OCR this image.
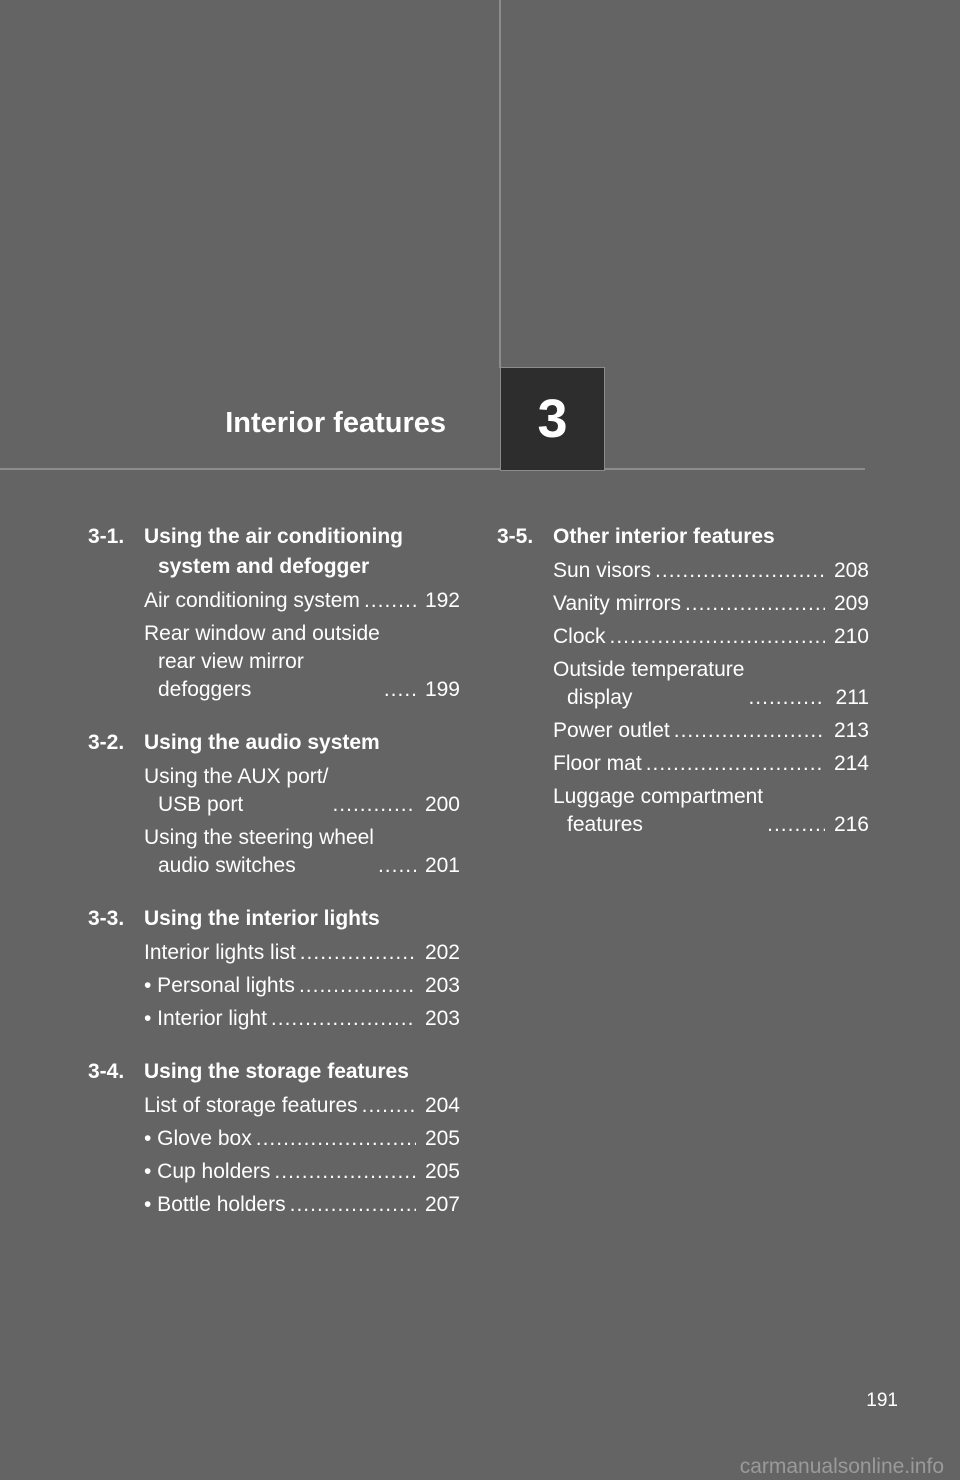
Interior features	3
3-1. Using the air conditioning
system and defogger
Air conditioning system .....	192
Rear window and outside
rear view mirror
defoggers .....	199
3-2. Using the audio system
Using the AUX port/
USB port .....	200
Using the steering wheel
audio switches .....	201
3-3. Using the interior lights
Interior lights list .....	202
• Personal lights .....	203
• Interior light .....	203
3-4. Using the storage features
List of storage features .....	204
• Glove box .....	205
• Cup holders .....	205
• Bottle holders .....	207
3-5. Other interior features
Sun visors .....	208
Vanity mirrors .....	209
Clock .....	210
Outside temperature
display .....	211
Power outlet .....	213
Floor mat .....	214
Luggage compartment
features .....	216
191
carmanualsonline.info
